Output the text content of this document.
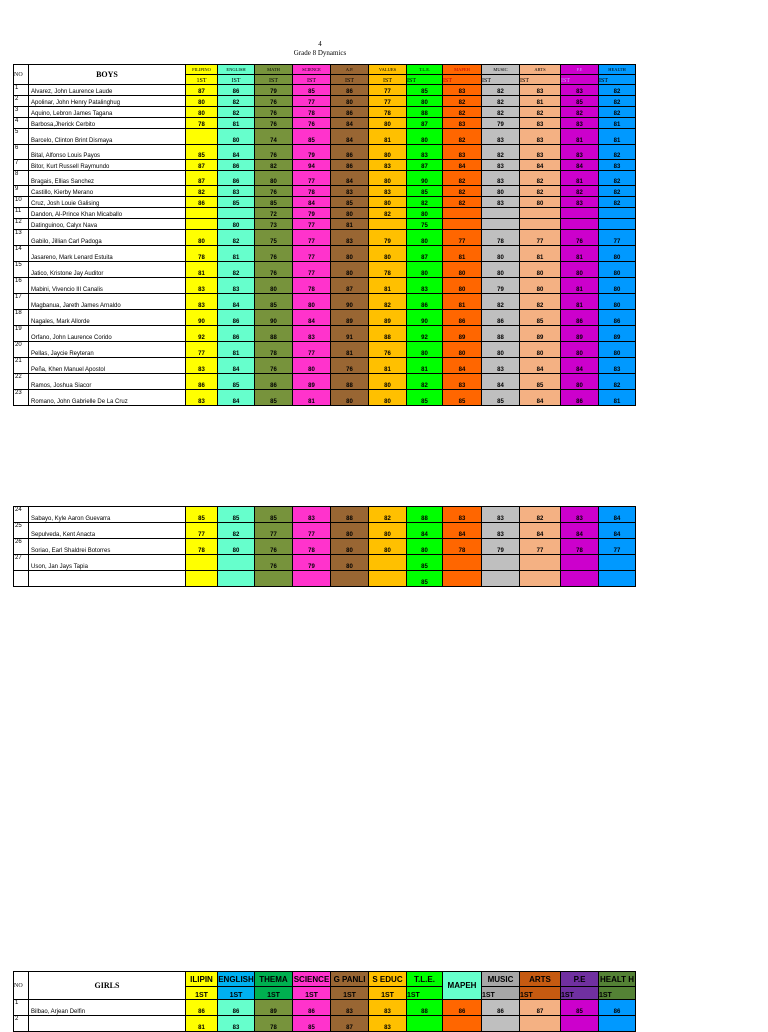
4
Grade 8 Dynamics
NO	BOYS	FILIPINO	ENGLISH	MATH	SCIENCE	A.P.	VALUES	T.L.E.	MAPEH	MUSIC	ARTS	P.E	HEALTH
		1ST	IST	IST	IST	IST	IST	IST	IST	IST	IST	IST	IST
1	Alvarez, John Laurence Laude	87	86	79	85	86	77	85	83	82	83	83	82
2	Apolinar, John Henry Patalinghug	80	82	76	77	80	77	80	82	82	81	85	82
3	Aquino, Lebron James Tagana	80	82	76	78	86	78	88	82	82	82	82	82
4	Barbosa,Jherick Cerbito	78	81	76	76	84	80	87	83	79	83	83	81
5	Barcelo, Clinton Brint Dismaya		80	74	85	84	81	80	82	83	83	81	81
6	Bital, Alfonso Louis Payos	85	84	76	79	86	80	83	83	82	83	83	82
7	Bitor, Kurt Russell Raymundo	87	86	82	94	86	83	87	84	83	84	84	83
8	Bragais, Ellias Sanchez	87	86	80	77	84	80	90	82	83	82	81	82
9	Castillo, Kierby Merano	82	83	76	78	83	83	85	82	80	82	82	82
10	Cruz, Josh Louie Galising	86	85	85	84	85	80	82	82	83	80	83	82
11	Dandon, Al-Prince Khan Micaballo			72	79	80	82	80					
12	Datinguinoo, Calyx Nava		80	73	77	81		75					
13	Gabilo, Jillian Carl Padoga	80	82	75	77	83	79	80	77	78	77	76	77
14	Jasareno, Mark Lenard Estuita	78	81	76	77	80	80	87	81	80	81	81	80
15	Jatico, Kristone Jay Auditor	81	82	76	77	80	78	80	80	80	80	80	80
16	Mabini, Vivencio III Canalis	83	83	80	78	87	81	83	80	79	80	81	80
17	Magbanua, Jareth James Arnaldo	83	84	85	80	90	82	86	81	82	82	81	80
18	Nagales, Mark Allorde	90	86	90	84	89	89	90	86	86	85	86	86
19	Orfano, John Laurence Corido	92	86	88	83	91	88	92	89	88	89	89	89
20	Pellas, Jaycie Reyteran	77	81	78	77	81	76	80	80	80	80	80	80
21	Peña, Khen Manuel Apostol	83	84	76	80	76	81	81	84	83	84	84	83
22	Ramos, Joshua Siacor	86	85	86	89	88	80	82	83	84	85	80	82
23	Romano, John Gabrielle De La Cruz	83	84	85	81	80	80	85	85	85	84	86	81
24	Sabayo, Kyle Aaron Guevarra	85	85	85	83	88	82	88	83	83	82	83	84
25	Sepulveda, Kent Anacta	77	82	77	77	80	80	84	84	83	84	84	84
26	Soriao, Earl Shaldrei Botorres	78	80	76	78	80	80	80	78	79	77	78	77
27	Uson, Jan Jays Tapia			76	79	80		85					
								85					
NO	GIRLS	ILIPIN	ENGLISH	THEMA	SCIENCE	G PANLI	S EDUC	T.L.E.	MAPEH	MUSIC	ARTS	P.E	HEALT H
		1ST	1ST	1ST	1ST	1ST	1ST	1ST		1ST	1ST	1ST	1ST
1	Bilbao, Arjean Delfin	86	86	89	86	83	83	88	86	86	87	85	86
2		81	83	78	85	87	83						
